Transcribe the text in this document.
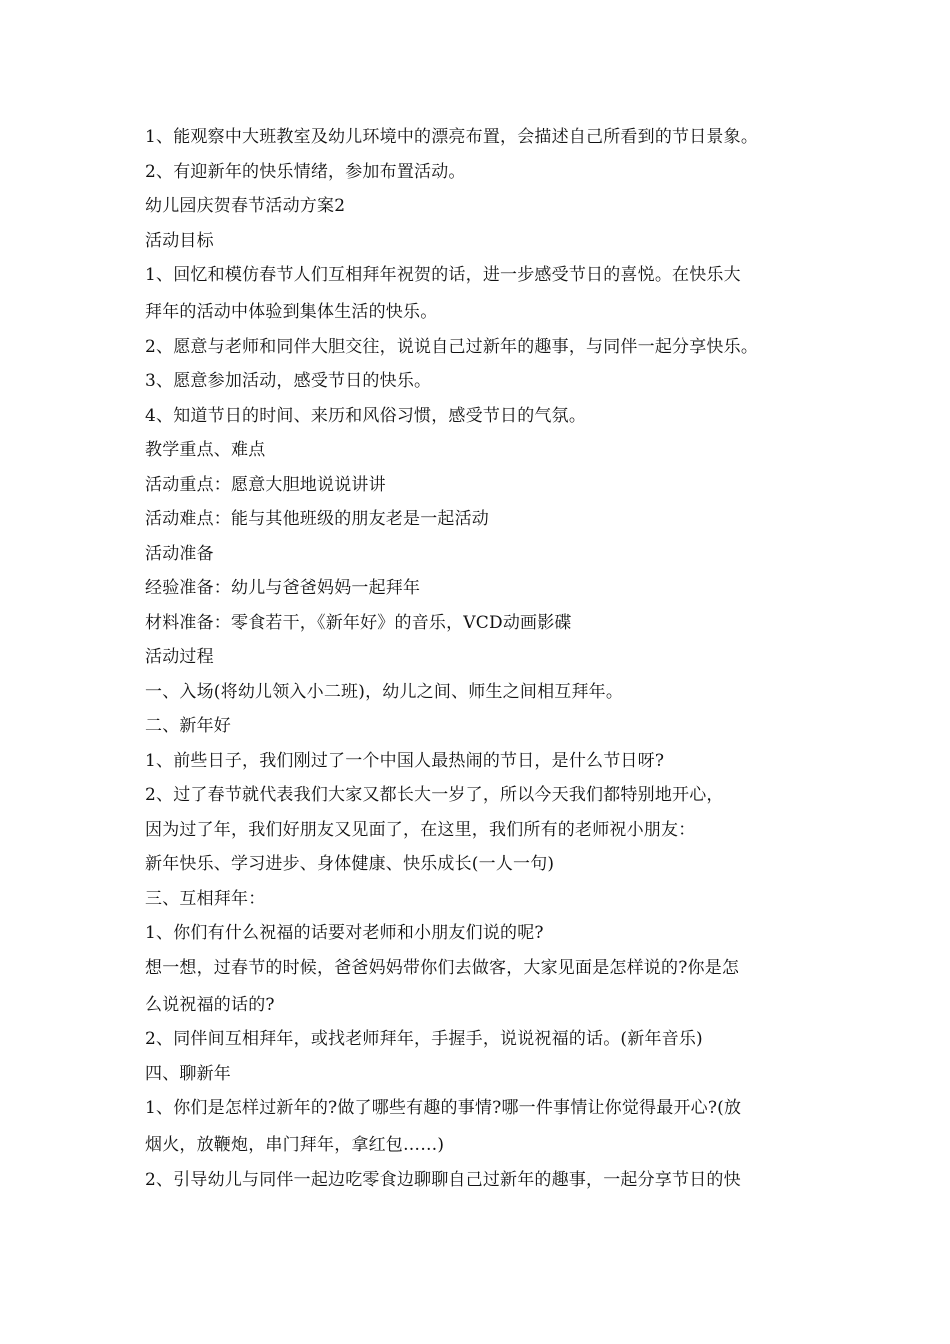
1、能观察中大班教室及幼儿环境中的漂亮布置，会描述自己所看到的节日景象。
2、有迎新年的快乐情绪，参加布置活动。
幼儿园庆贺春节活动方案2
活动目标
1、回忆和模仿春节人们互相拜年祝贺的话，进一步感受节日的喜悦。在快乐大
拜年的活动中体验到集体生活的快乐。
2、愿意与老师和同伴大胆交往，说说自己过新年的趣事，与同伴一起分享快乐。
3、愿意参加活动，感受节日的快乐。
4、知道节日的时间、来历和风俗习惯，感受节日的气氛。
教学重点、难点
活动重点：愿意大胆地说说讲讲
活动难点：能与其他班级的朋友老是一起活动
活动准备
经验准备：幼儿与爸爸妈妈一起拜年
材料准备：零食若干，《新年好》的音乐，VCD动画影碟
活动过程
一、入场(将幼儿领入小二班)，幼儿之间、师生之间相互拜年。
二、新年好
1、前些日子，我们刚过了一个中国人最热闹的节日，是什么节日呀?
2、过了春节就代表我们大家又都长大一岁了，所以今天我们都特别地开心，
因为过了年，我们好朋友又见面了，在这里，我们所有的老师祝小朋友：
新年快乐、学习进步、身体健康、快乐成长(一人一句)
三、互相拜年：
1、你们有什么祝福的话要对老师和小朋友们说的呢?
想一想，过春节的时候，爸爸妈妈带你们去做客，大家见面是怎样说的?你是怎
么说祝福的话的?
2、同伴间互相拜年，或找老师拜年，手握手，说说祝福的话。(新年音乐)
四、聊新年
1、你们是怎样过新年的?做了哪些有趣的事情?哪一件事情让你觉得最开心?(放
烟火，放鞭炮，串门拜年，拿红包……)
2、引导幼儿与同伴一起边吃零食边聊聊自己过新年的趣事，一起分享节日的快
